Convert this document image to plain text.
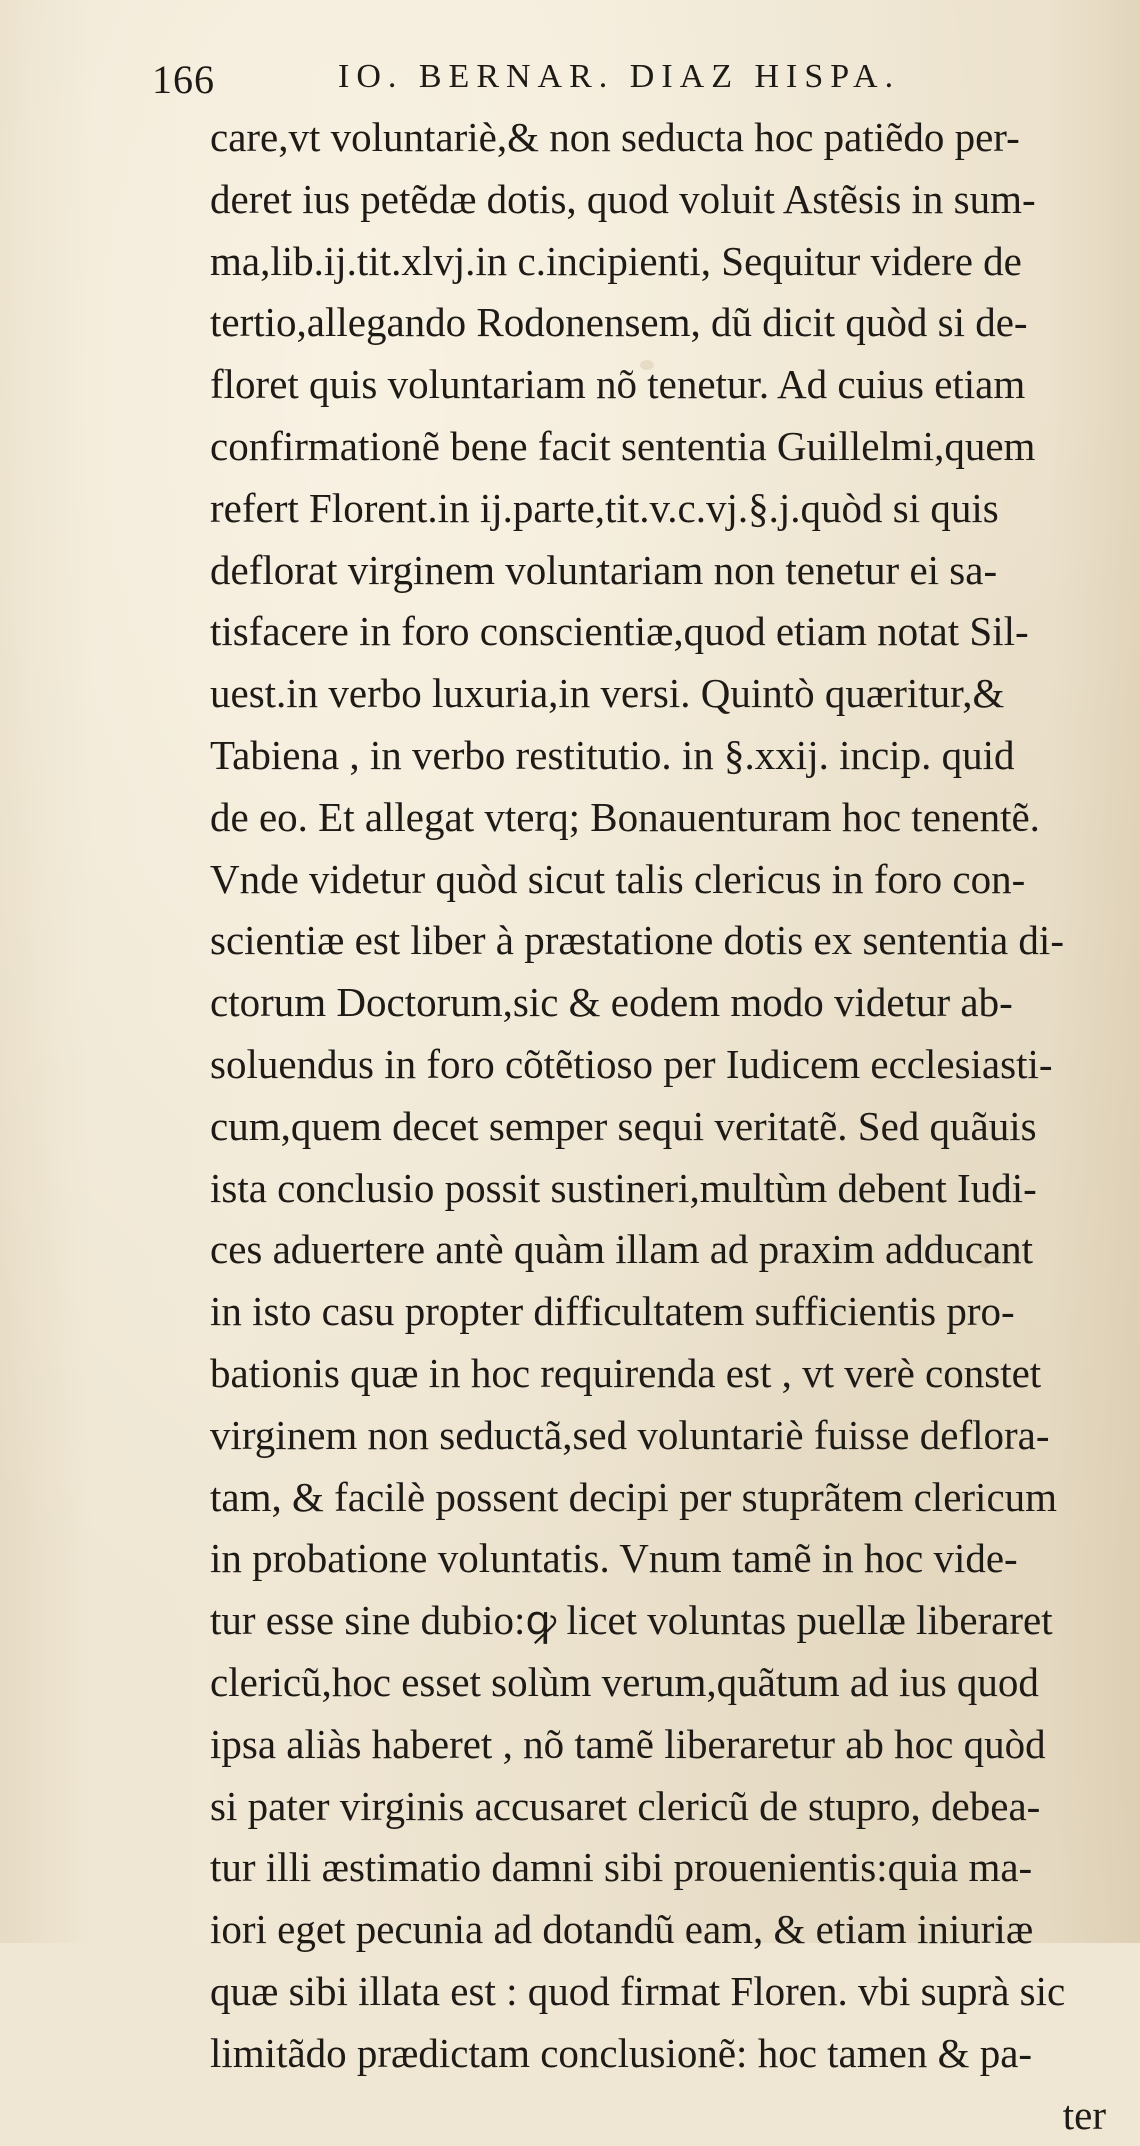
166	IO. BERNAR. DIAZ HISPA.
care,vt voluntariè,& non seducta hoc patiẽdo per-
deret ius petẽdæ dotis, quod voluit Astẽsis in sum-
ma,lib.ij.tit.xlvj.in c.incipienti, Sequitur videre de
tertio,allegando Rodonensem, dũ dicit quòd si de-
floret quis voluntariam nõ tenetur. Ad cuius etiam
confirmationẽ bene facit sententia Guillelmi,quem
refert Florent.in ij.parte,tit.v.c.vj.§.j.quòd si quis
deflorat virginem voluntariam non tenetur ei sa-
tisfacere in foro conscientiæ,quod etiam notat Sil-
uest.in verbo luxuria,in versi. Quintò quæritur,&
Tabiena , in verbo restitutio. in §.xxij. incip. quid
de eo. Et allegat vterq; Bonauenturam hoc tenentẽ.
Vnde videtur quòd sicut talis clericus in foro con-
scientiæ est liber à præstatione dotis ex sententia di-
ctorum Doctorum,sic & eodem modo videtur ab-
soluendus in foro cõtẽtioso per Iudicem ecclesiasti-
cum,quem decet semper sequi veritatẽ. Sed quãuis
ista conclusio possit sustineri,multùm debent Iudi-
ces aduertere antè quàm illam ad praxim adducant
in isto casu propter difficultatem sufficientis pro-
bationis quæ in hoc requirenda est , vt verè constet
virginem non seductã,sed voluntariè fuisse deflora-
tam, & facilè possent decipi per stuprãtem clericum
in probatione voluntatis. Vnum tamẽ in hoc vide-
tur esse sine dubio:ꝙ licet voluntas puellæ liberaret
clericũ,hoc esset solùm verum,quãtum ad ius quod
ipsa aliàs haberet , nõ tamẽ liberaretur ab hoc quòd
si pater virginis accusaret clericũ de stupro, debea-
tur illi æstimatio damni sibi prouenientis:quia ma-
iori eget pecunia ad dotandũ eam, & etiam iniuriæ
quæ sibi illata est : quod firmat Floren. vbi suprà sic
limitãdo prædictam conclusionẽ: hoc tamen & pa-
ter
